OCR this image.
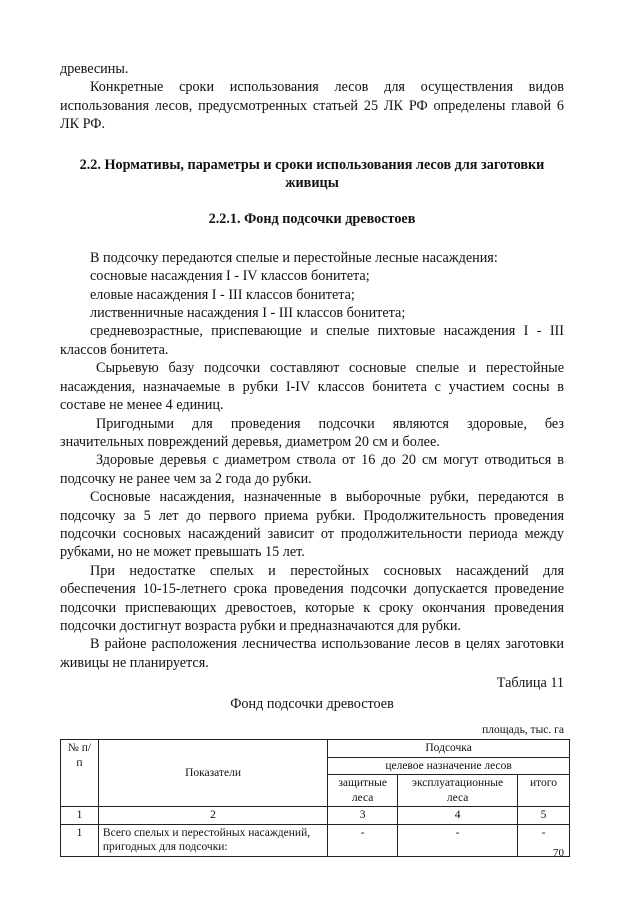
древесины.

Конкретные сроки использования лесов для осуществления видов использования лесов, предусмотренных статьей 25 ЛК РФ определены главой 6 ЛК РФ.

2.2. Нормативы, параметры и сроки использования лесов для заготовки живицы

2.2.1. Фонд подсочки древостоев

В подсочку передаются спелые и перестойные лесные насаждения:

сосновые насаждения I - IV классов бонитета;

еловые насаждения I - III классов бонитета;

лиственничные насаждения I - III классов бонитета;

средневозрастные, приспевающие и спелые пихтовые насаждения I - III классов бонитета.

Сырьевую базу подсочки составляют сосновые спелые и перестойные насаждения, назначаемые в рубки I-IV классов бонитета с участием сосны в составе не менее 4 единиц.

Пригодными для проведения подсочки являются здоровые, без значительных повреждений деревья, диаметром 20 см и более.

Здоровые деревья с диаметром ствола от 16 до 20 см могут отводиться в подсочку не ранее чем за 2 года до рубки.

Сосновые насаждения, назначенные в выборочные рубки, передаются в подсочку за 5 лет до первого приема рубки. Продолжительность проведения подсочки сосновых насаждений зависит от продолжительности периода между рубками, но не может превышать 15 лет.

При недостатке спелых и перестойных сосновых насаждений для обеспечения 10-15-летнего срока проведения подсочки допускается проведение подсочки приспевающих древостоев, которые к сроку окончания проведения подсочки достигнут возраста рубки и предназначаются для рубки.

В районе расположения лесничества использование лесов в целях заготовки живицы не планируется.

Таблица 11

Фонд подсочки древостоев

площадь, тыс. га

№ п/п	Показатели	Подсочка		
		целевое назначение лесов		
		защитные леса	эксплуатационные леса	итого
1	2	3	4	5
1	Всего спелых и перестойных насаждений, пригодных для подсочки:	-	-	-
70
